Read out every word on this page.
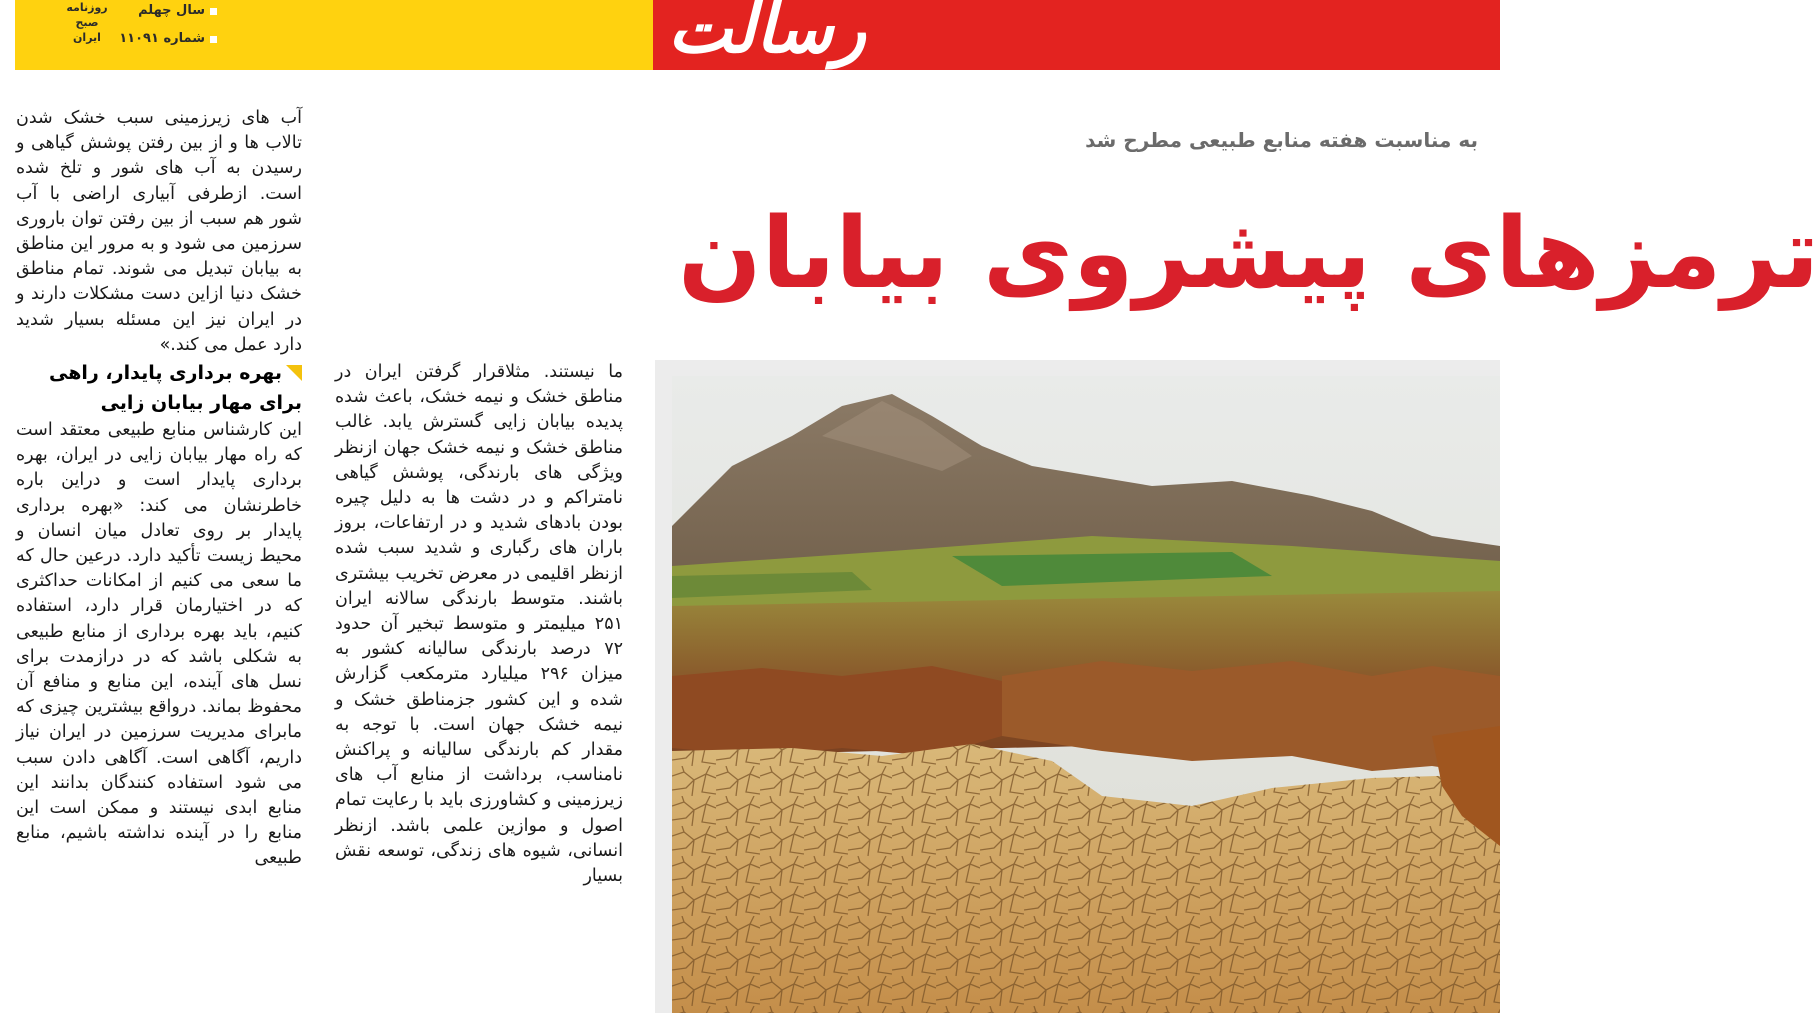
روزنامه
صبح
ایران
سال چهلم
شماره ۱۱۰۹۱	رسالت
به مناسبت هفته منابع طبیعی مطرح شد
ترمزهای پیشروی بیابان

ما نیستند. مثلاقرار گرفتن ایران در مناطق خشک و نیمه خشک، باعث شده پدیده بیابان زایی گسترش یابد. غالب مناطق خشک و نیمه خشک جهان ازنظر ویژگی های بارندگی، پوشش گیاهی نامتراکم و در دشت ها به دلیل چیره بودن بادهای شدید و در ارتفاعات، بروز باران های رگباری و شدید سبب شده ازنظر اقلیمی در معرض تخریب بیشتری باشند. متوسط بارندگی سالانه ایران ۲۵۱ میلیمتر و متوسط تبخیر آن حدود ۷۲ درصد بارندگی سالیانه کشور به میزان ۲۹۶ میلیارد مترمکعب گزارش شده و این کشور جزمناطق خشک و نیمه خشک جهان است. با توجه به مقدار کم بارندگی سالیانه و پراکنش نامناسب، برداشت از منابع آب های زیرزمینی و کشاورزی باید با رعایت تمام اصول و موازین علمی باشد. ازنظر انسانی، شیوه های زندگی، توسعه نقش بسیار

آب های زیرزمینی سبب خشک شدن تالاب ها و از بین رفتن پوشش گیاهی و رسیدن به آب های شور و تلخ شده است. ازطرفی آبیاری اراضی با آب شور هم سبب از بین رفتن توان باروری سرزمین می شود و به مرور این مناطق به بیابان تبدیل می شوند. تمام مناطق خشک دنیا ازاین دست مشکلات دارند و در ایران نیز این مسئله بسیار شدید دارد عمل می کند.»

بهره برداری پایدار، راهی برای مهار بیابان زایی

این کارشناس منابع طبیعی معتقد است که راه مهار بیابان زایی در ایران، بهره برداری پایدار است و دراین باره خاطرنشان می کند: «بهره برداری پایدار بر روی تعادل میان انسان و محیط زیست تأکید دارد. درعین حال که ما سعی می کنیم از امکانات حداکثری که در اختیارمان قرار دارد، استفاده کنیم، باید بهره برداری از منابع طبیعی به شکلی باشد که در درازمدت برای نسل های آینده، این منابع و منافع آن محفوظ بماند. درواقع بیشترین چیزی که مابرای مدیریت سرزمین در ایران نیاز داریم، آگاهی است. آگاهی دادن سبب می شود استفاده کنندگان بدانند این منابع ابدی نیستند و ممکن است این منابع را در آینده نداشته باشیم، منابع طبیعی
